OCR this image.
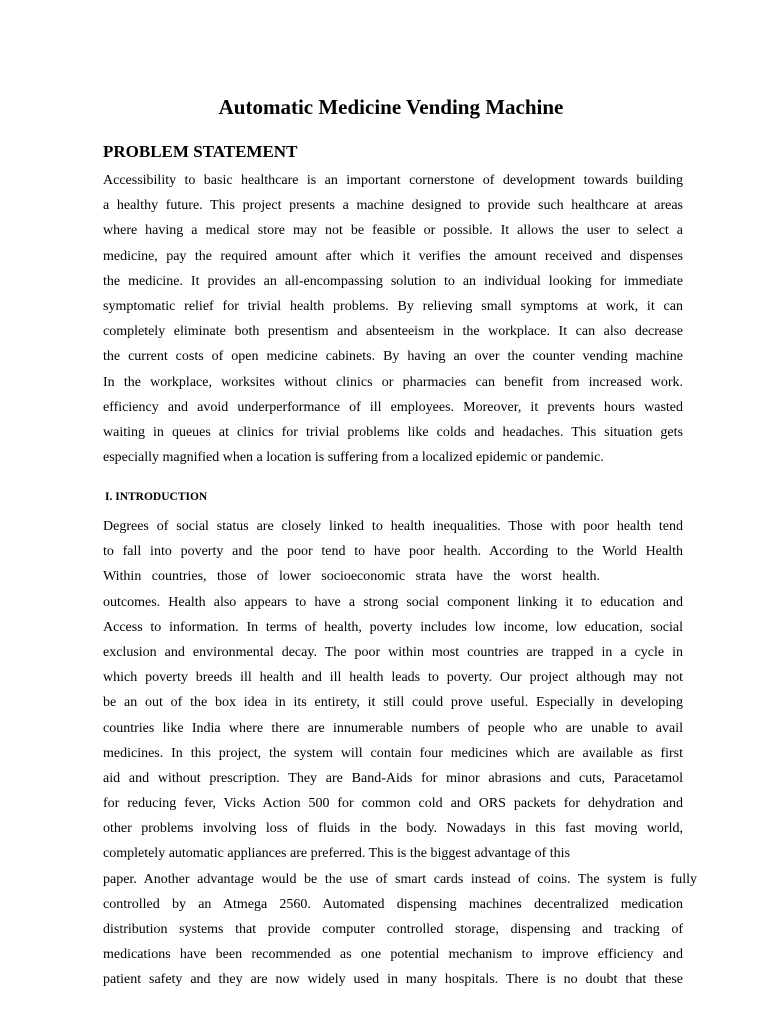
Automatic Medicine Vending Machine
PROBLEM STATEMENT
Accessibility to basic healthcare is an important cornerstone of development towards building
a healthy future. This project presents a machine designed to provide such healthcare at areas
where having a medical store may not be feasible or possible. It allows the user to select a
medicine, pay the required amount after which it verifies the amount received and dispenses
the medicine. It provides an all-encompassing solution to an individual looking for immediate
symptomatic relief for trivial health problems. By relieving small symptoms at work, it can
completely eliminate both presentism and absenteeism in the workplace. It can also decrease
the current costs of open medicine cabinets. By having an over the counter vending machine
In the workplace, worksites without clinics or pharmacies can benefit from increased work.
efficiency and avoid underperformance of ill employees. Moreover, it prevents hours wasted
waiting in queues at clinics for trivial problems like colds and headaches. This situation gets
especially magnified when a location is suffering from a localized epidemic or pandemic.
I. INTRODUCTION
Degrees of social status are closely linked to health inequalities. Those with poor health tend
to fall into poverty and the poor tend to have poor health. According to the World Health
Within countries, those of lower socioeconomic strata have the worst health.
outcomes. Health also appears to have a strong social component linking it to education and
Access to information. In terms of health, poverty includes low income, low education, social
exclusion and environmental decay. The poor within most countries are trapped in a cycle in
which poverty breeds ill health and ill health leads to poverty. Our project although may not
be an out of the box idea in its entirety, it still could prove useful. Especially in developing
countries like India where there are innumerable numbers of people who are unable to avail
medicines. In this project, the system will contain four medicines which are available as first
aid and without prescription. They are Band-Aids for minor abrasions and cuts, Paracetamol
for reducing fever, Vicks Action 500 for common cold and ORS packets for dehydration and
other problems involving loss of fluids in the body. Nowadays in this fast moving world,
completely automatic appliances are preferred. This is the biggest advantage of this
paper. Another advantage would be the use of smart cards instead of coins. The system is fully
controlled by an Atmega 2560. Automated dispensing machines decentralized medication
distribution systems that provide computer controlled storage, dispensing and tracking of
medications have been recommended as one potential mechanism to improve efficiency and
patient safety and they are now widely used in many hospitals. There is no doubt that these
